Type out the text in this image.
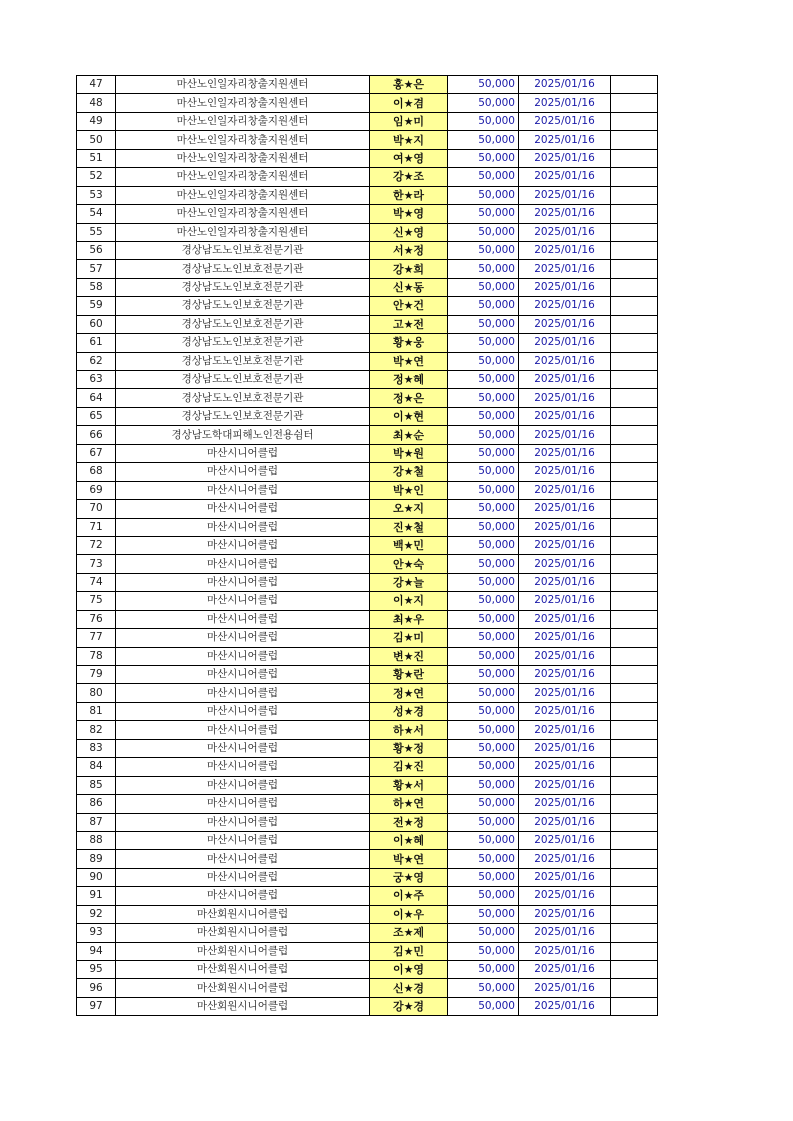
47	마산노인일자리창출지원센터	홍★은	50,000	2025/01/16	
48	마산노인일자리창출지원센터	이★겸	50,000	2025/01/16	
49	마산노인일자리창출지원센터	임★미	50,000	2025/01/16	
50	마산노인일자리창출지원센터	박★지	50,000	2025/01/16	
51	마산노인일자리창출지원센터	여★영	50,000	2025/01/16	
52	마산노인일자리창출지원센터	강★조	50,000	2025/01/16	
53	마산노인일자리창출지원센터	한★라	50,000	2025/01/16	
54	마산노인일자리창출지원센터	박★영	50,000	2025/01/16	
55	마산노인일자리창출지원센터	신★영	50,000	2025/01/16	
56	경상남도노인보호전문기관	서★정	50,000	2025/01/16	
57	경상남도노인보호전문기관	강★희	50,000	2025/01/16	
58	경상남도노인보호전문기관	신★동	50,000	2025/01/16	
59	경상남도노인보호전문기관	안★건	50,000	2025/01/16	
60	경상남도노인보호전문기관	고★전	50,000	2025/01/16	
61	경상남도노인보호전문기관	황★웅	50,000	2025/01/16	
62	경상남도노인보호전문기관	박★연	50,000	2025/01/16	
63	경상남도노인보호전문기관	정★혜	50,000	2025/01/16	
64	경상남도노인보호전문기관	정★은	50,000	2025/01/16	
65	경상남도노인보호전문기관	이★현	50,000	2025/01/16	
66	경상남도학대피해노인전용쉼터	최★순	50,000	2025/01/16	
67	마산시니어클럽	박★원	50,000	2025/01/16	
68	마산시니어클럽	강★철	50,000	2025/01/16	
69	마산시니어클럽	박★인	50,000	2025/01/16	
70	마산시니어클럽	오★지	50,000	2025/01/16	
71	마산시니어클럽	진★철	50,000	2025/01/16	
72	마산시니어클럽	백★민	50,000	2025/01/16	
73	마산시니어클럽	안★숙	50,000	2025/01/16	
74	마산시니어클럽	강★늘	50,000	2025/01/16	
75	마산시니어클럽	이★지	50,000	2025/01/16	
76	마산시니어클럽	최★우	50,000	2025/01/16	
77	마산시니어클럽	김★미	50,000	2025/01/16	
78	마산시니어클럽	변★진	50,000	2025/01/16	
79	마산시니어클럽	황★란	50,000	2025/01/16	
80	마산시니어클럽	정★연	50,000	2025/01/16	
81	마산시니어클럽	성★경	50,000	2025/01/16	
82	마산시니어클럽	하★서	50,000	2025/01/16	
83	마산시니어클럽	황★정	50,000	2025/01/16	
84	마산시니어클럽	김★진	50,000	2025/01/16	
85	마산시니어클럽	황★서	50,000	2025/01/16	
86	마산시니어클럽	하★연	50,000	2025/01/16	
87	마산시니어클럽	전★정	50,000	2025/01/16	
88	마산시니어클럽	이★혜	50,000	2025/01/16	
89	마산시니어클럽	박★연	50,000	2025/01/16	
90	마산시니어클럽	궁★영	50,000	2025/01/16	
91	마산시니어클럽	이★주	50,000	2025/01/16	
92	마산회원시니어클럽	이★우	50,000	2025/01/16	
93	마산회원시니어클럽	조★제	50,000	2025/01/16	
94	마산회원시니어클럽	김★민	50,000	2025/01/16	
95	마산회원시니어클럽	이★영	50,000	2025/01/16	
96	마산회원시니어클럽	신★경	50,000	2025/01/16	
97	마산회원시니어클럽	강★경	50,000	2025/01/16	
